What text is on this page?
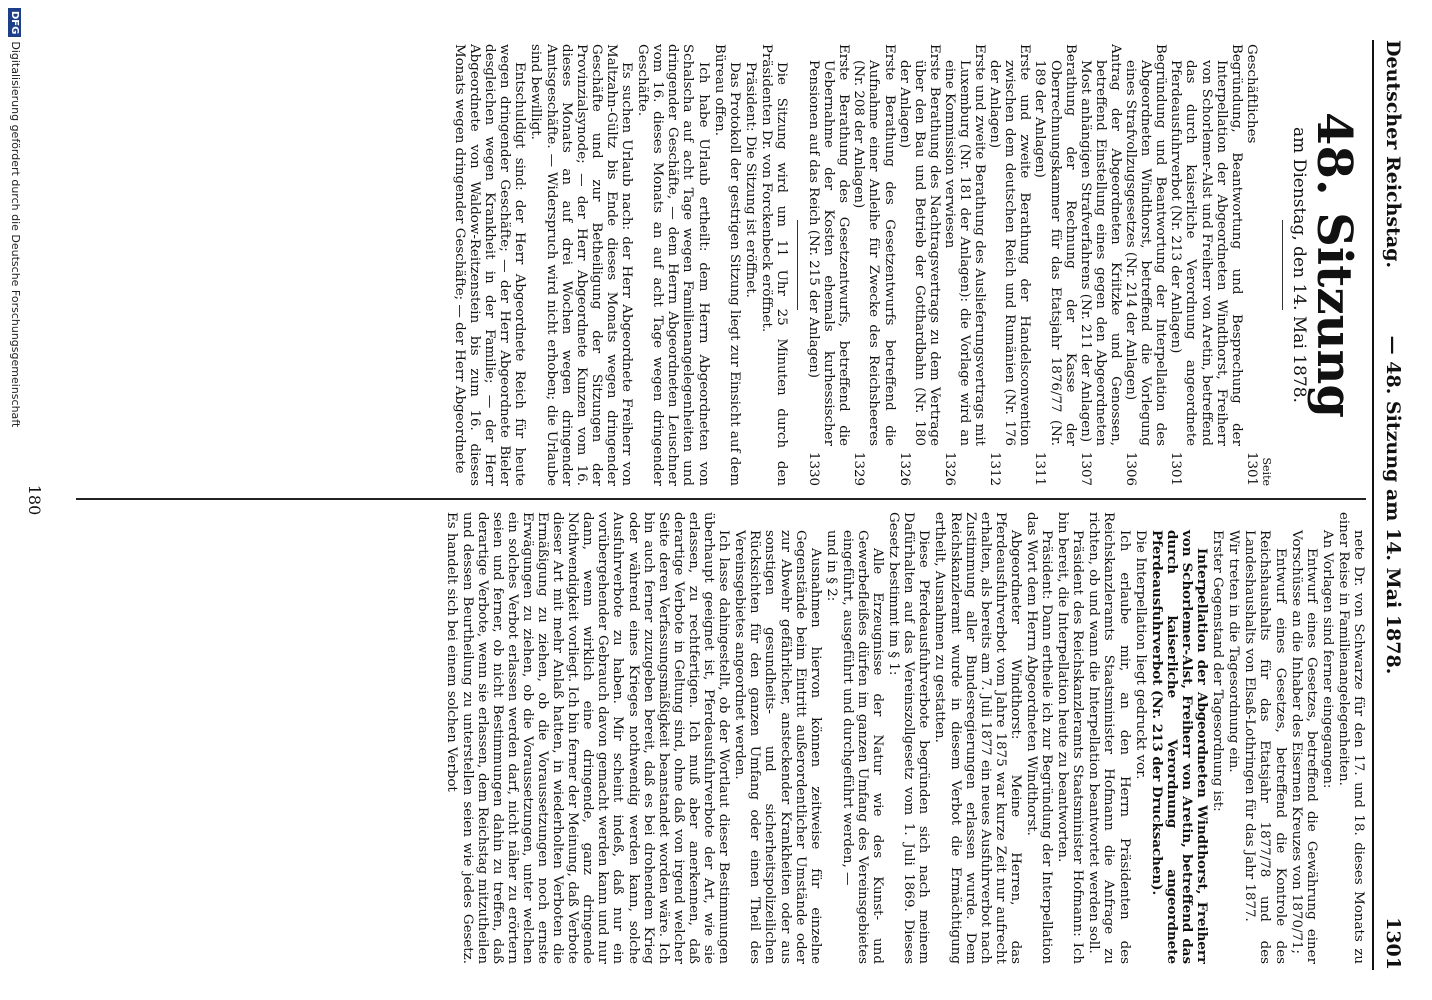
Deutscher Reichstag.
— 48. Sitzung am 14. Mai 1878.
1301
48. Sitzung
am Dienstag, den 14. Mai 1878.
Seite
Geschäftliches
1301
Begründung, Beantwortung und Besprechung der Interpellation der Abgeordneten Windthorst, Freiherr von Schorlemer-Alst und Freiherr von Aretin, betreffend das durch kaiserliche Verordnung angeordnete Pferdeausfuhrverbot (Nr. 213 der Anlagen)
1301
Begründung und Beantwortung der Interpellation des Abgeordneten Windthorst, betreffend die Vorlegung eines Strafvollzugsgesetzes (Nr. 214 der Anlagen)
1306
Antrag der Abgeordneten Kriitzke und Genossen, betreffend Einstellung eines gegen den Abgeordneten Most anhängigen Strafverfahrens (Nr. 211 der Anlagen)
1307
Berathung der Rechnung der Kasse der Oberrechnungskammer für das Etatsjahr 1876/77 (Nr. 189 der Anlagen)
1311
Erste und zweite Berathung der Handelsconvention zwischen dem deutschen Reich und Rumänien (Nr. 176 der Anlagen)
1312
Erste und zweite Berathung des Auslieferungsvertrags mit Luxemburg (Nr. 181 der Anlagen): die Vorlage wird an eine Kommission verwiesen
1326
Erste Berathung des Nachtragsvertrags zu dem Vertrage über den Bau und Betrieb der Gotthardbahn (Nr. 180 der Anlagen)
1326
Erste Berathung des Gesetzentwurfs betreffend die Aufnahme einer Anleihe für Zwecke des Reichsheeres (Nr. 208 der Anlagen)
1329
Erste Berathung des Gesetzentwurfs, betreffend die Uebernahme der Kosten ehemals kurhessischer Pensionen auf das Reich (Nr. 215 der Anlagen)
1330

Die Sitzung wird um 11 Uhr 25 Minuten durch den Präsidenten Dr. von Forckenbeck eröffnet.

Präsident: Die Sitzung ist eröffnet.

Das Protokoll der gestrigen Sitzung liegt zur Einsicht auf dem Büreau offen.

Ich habe Urlaub ertheilt: dem Herrn Abgeordneten von Schalscha auf acht Tage wegen Familienangelegenheiten und dringender Geschäfte, — dem Herrn Abgeordneten Leuschner vom 16. dieses Monats an auf acht Tage wegen dringender Geschäfte.

Es suchen Urlaub nach: der Herr Abgeordnete Freiherr von Maltzahn-Gültz bis Ende dieses Monats wegen dringender Geschäfte und zur Betheiligung der Sitzungen der Provinzialsynode; — der Herr Abgeordnete Kunzen vom 16. dieses Monats an auf drei Wochen wegen dringender Amtsgeschäfte. — Widerspruch wird nicht erhoben; die Urlaube sind bewilligt.

Entschuldigt sind: der Herr Abgeordnete Reich für heute wegen dringender Geschäfte; — der Herr Abgeordnete Bieler desgleichen wegen Krankheit in der Familie; — der Herr Abgeordnete von Waldow-Reitzenstein bis zum 16. dieses Monats wegen dringender Geschäfte; — der Herr Abgeordnete

nete Dr. von Schwarze für den 17. und 18. dieses Monats zu einer Reise in Familienangelegenheiten.

An Vorlagen sind ferner eingegangen:

Entwurf eines Gesetzes, betreffend die Gewährung einer Vorschüsse an die Inhaber des Eisernen Kreuzes von 1870/71;

Entwurf eines Gesetzes, betreffend die Kontrole des Reichshaushalts für das Etatsjahr 1877/78 und des Landeshaushalts von Elsaß-Lothringen für das Jahr 1877.

Wir treten in die Tagesordnung ein.

Erster Gegenstand der Tagesordnung ist:

Interpellation der Abgeordneten Windthorst, Freiherr von Schorlemer-Alst, Freiherr von Aretin, betreffend das durch kaiserliche Verordnung angeordnete Pferdeausfuhrverbot (Nr. 213 der Drucksachen).

Die Interpellation liegt gedruckt vor.

Ich erlaube mir, an den Herrn Präsidenten des Reichskanzleramts Staatsminister Hofmann die Anfrage zu richten, ob und wann die Interpellation beantwortet werden soll.

Präsident des Reichskanzleramts Staatsminister Hofmann: Ich bin bereit, die Interpellation heute zu beantworten.

Präsident: Dann ertheile ich zur Begründung der Interpellation das Wort dem Herrn Abgeordneten Windthorst.

Abgeordneter Windthorst: Meine Herren, das Pferdeausfuhrverbot vom Jahre 1875 war kurze Zeit nur aufrecht erhalten, als bereits am 7. Juli 1877 ein neues Ausfuhrverbot nach Zustimmung aller Bundesregierungen erlassen wurde. Dem Reichskanzleramt wurde in diesem Verbot die Ermächtigung ertheilt, Ausnahmen zu gestatten.

Diese Pferdeausfuhrverbote begründen sich nach meinem Dafürhalten auf das Vereinszollgesetz vom 1. Juli 1869. Dieses Gesetz bestimmt im § 1:

Alle Erzeugnisse der Natur wie des Kunst- und Gewerbefleißes dürfen im ganzen Umfang des Vereinsgebietes eingeführt, ausgeführt und durchgeführt werden, —

und in § 2:

Ausnahmen hiervon können zeitweise für einzelne Gegenstände beim Eintritt außerordentlicher Umstände oder zur Abwehr gefährlicher, ansteckender Krankheiten oder aus sonstigen gesundheits- und sicherheitspolizeilichen Rücksichten für den ganzen Umfang oder einen Theil des Vereinsgebietes angeordnet werden.

Ich lasse dahingestellt, ob der Wortlaut dieser Bestimmungen überhaupt geeignet ist, Pferdeausfuhrverbote der Art, wie sie erlassen, zu rechtfertigen. Ich muß aber anerkennen, daß derartige Verbote in Geltung sind, ohne daß von irgend welcher Seite deren Verfassungsmäßigkeit beanstandet worden wäre. Ich bin auch ferner zuzugeben bereit, daß es bei drohendem Krieg oder während eines Krieges nothwendig werden kann, solche Ausfuhrverbote zu haben. Mir scheint indeß, daß nur ein vorübergehender Gebrauch davon gemacht werden kann und nur dann, wenn wirklich eine dringende, ganz dringende Nothwendigkeit vorliegt. Ich bin ferner der Meinung, daß Verbote dieser Art mit mehr Anlaß hatten, in wiederholten Verboten die Ermäßigung zu ziehen, ob die Voraussetzungen noch ernste Erwägungen zu ziehen, ob die Voraussetzungen, unter welchen ein solches Verbot erlassen werden darf, nicht näher zu erörtern seien und ferner, ob nicht Bestimmungen dahin zu treffen, daß derartige Verbote, wenn sie erlassen, dem Reichstag mitzutheilen und dessen Beurtheilung zu unterstellen seien wie jedes Gesetz. Es handelt sich bei einem solchen Verbot

180
DFGDigitalisierung gefördert durch die Deutsche Forschungsgemeinschaft
